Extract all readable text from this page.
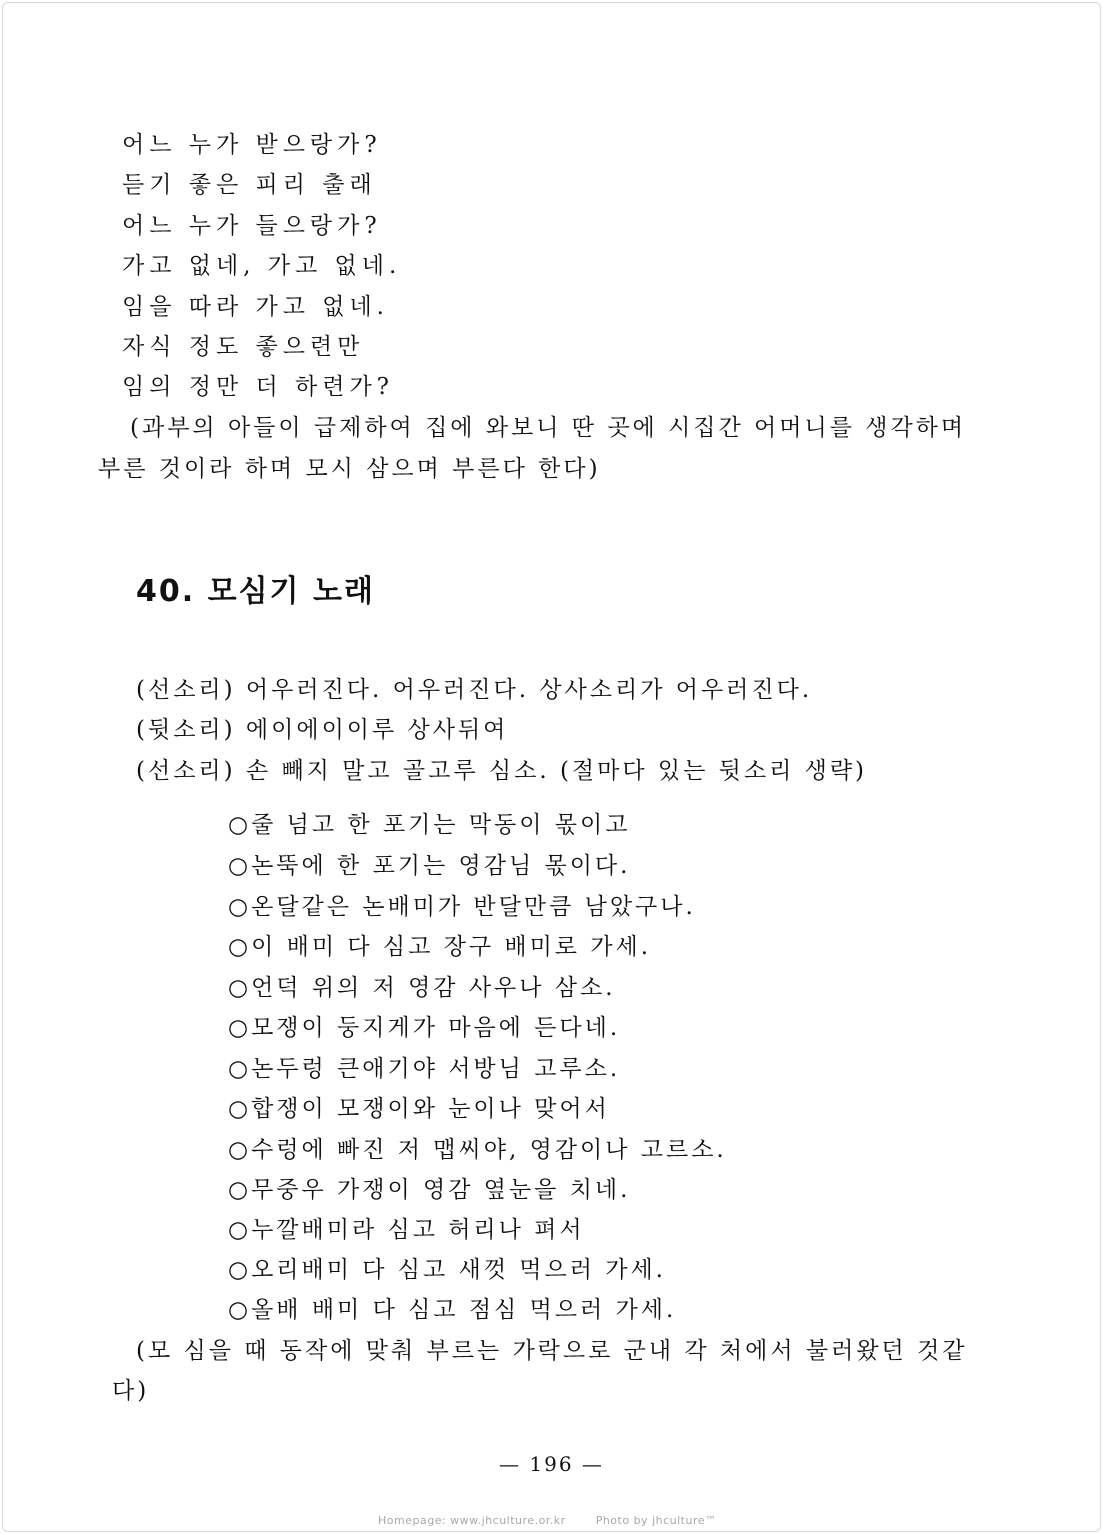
어느 누가 받으랑가?
듣기 좋은 피리 출래
어느 누가 들으랑가?
가고 없네, 가고 없네.
임을 따라 가고 없네.
자식 정도 좋으련만
임의 정만 더 하련가?
(과부의 아들이 급제하여 집에 와보니 딴 곳에 시집간 어머니를 생각하며
부른 것이라 하며 모시 삼으며 부른다 한다)
40. 모심기 노래
(선소리) 어우러진다. 어우러진다. 상사소리가 어우러진다.
(뒷소리) 에이에이이루 상사뒤여
(선소리) 손 빼지 말고 골고루 심소. (절마다 있는 뒷소리 생략)
○줄 넘고 한 포기는 막동이 몫이고
○논뚝에 한 포기는 영감님 몫이다.
○온달같은 논배미가 반달만큼 남았구나.
○이 배미 다 심고 장구 배미로 가세.
○언덕 위의 저 영감 사우나 삼소.
○모쟁이 둥지게가 마음에 든다네.
○논두렁 큰애기야 서방님 고루소.
○합쟁이 모쟁이와 눈이나 맞어서
○수렁에 빠진 저 맵씨야, 영감이나 고르소.
○무중우 가쟁이 영감 옆눈을 치네.
○누깔배미라 심고 허리나 펴서
○오리배미 다 심고 새껏 먹으러 가세.
○올배 배미 다 심고 점심 먹으러 가세.
(모 심을 때 동작에 맞춰 부르는 가락으로 군내 각 처에서 불러왔던 것같
다)
— 196 —
Homepage: www.jhculture.or.kr	Photo by jhculture™
